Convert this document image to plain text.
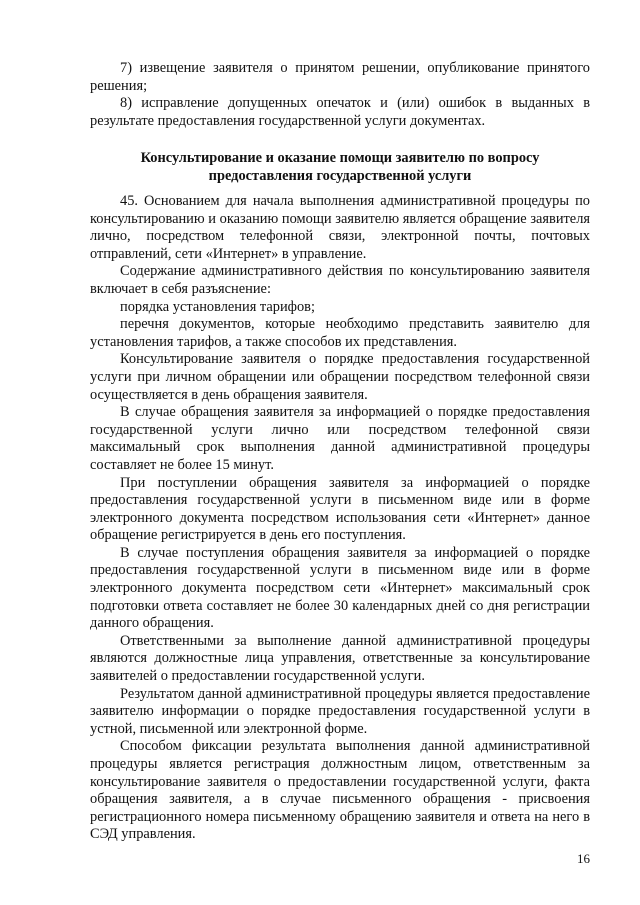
7) извещение заявителя о принятом решении, опубликование принятого решения;

8) исправление допущенных опечаток и (или) ошибок в выданных в результате предоставления государственной услуги документах.

Консультирование и оказание помощи заявителю по вопросу

предоставления государственной услуги

45. Основанием для начала выполнения административной процедуры по консультированию и оказанию помощи заявителю является обращение заявителя лично, посредством телефонной связи, электронной почты, почтовых отправлений, сети «Интернет» в управление.

Содержание административного действия по консультированию заявителя включает в себя разъяснение:

порядка установления тарифов;

перечня документов, которые необходимо представить заявителю для установления тарифов, а также способов их представления.

Консультирование заявителя о порядке предоставления государственной услуги при личном обращении или обращении посредством телефонной связи осуществляется в день обращения заявителя.

В случае обращения заявителя за информацией о порядке предоставления государственной услуги лично или посредством телефонной связи максимальный срок выполнения данной административной процедуры составляет не более 15 минут.

При поступлении обращения заявителя за информацией о порядке предоставления государственной услуги в письменном виде или в форме электронного документа посредством использования сети «Интернет» данное обращение регистрируется в день его поступления.

В случае поступления обращения заявителя за информацией о порядке предоставления государственной услуги в письменном виде или в форме электронного документа посредством сети «Интернет» максимальный срок подготовки ответа составляет не более 30 календарных дней со дня регистрации данного обращения.

Ответственными за выполнение данной административной процедуры являются должностные лица управления, ответственные за консультирование заявителей о предоставлении государственной услуги.

Результатом данной административной процедуры является предоставление заявителю информации о порядке предоставления государственной услуги в устной, письменной или электронной форме.

Способом фиксации результата выполнения данной административной процедуры является регистрация должностным лицом, ответственным за консультирование заявителя о предоставлении государственной услуги, факта обращения заявителя, а в случае письменного обращения - присвоения регистрационного номера письменному обращению заявителя и ответа на него в СЭД управления.

16
